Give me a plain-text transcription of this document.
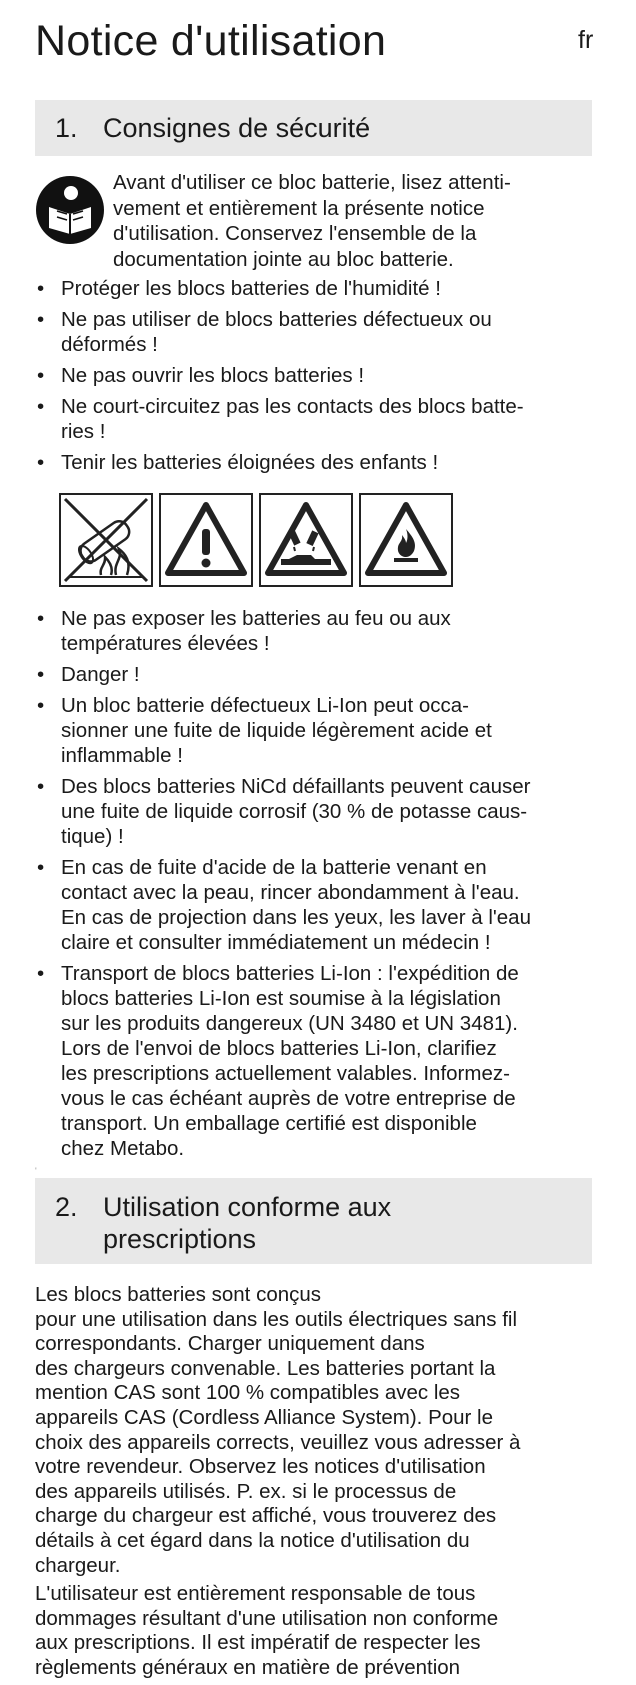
Notice d'utilisation	fr
1. Consignes de sécurité
Avant d'utiliser ce bloc batterie, lisez attenti-
vement et entièrement la présente notice
d'utilisation. Conservez l'ensemble de la
documentation jointe au bloc batterie.
• Protéger les blocs batteries de l'humidité !
• Ne pas utiliser de blocs batteries défectueux ou
déformés !
• Ne pas ouvrir les blocs batteries !
• Ne court-circuitez pas les contacts des blocs batte-
ries !
• Tenir les batteries éloignées des enfants !
• Ne pas exposer les batteries au feu ou aux
températures élevées !
• Danger !
• Un bloc batterie défectueux Li-Ion peut occa-
sionner une fuite de liquide légèrement acide et
inflammable !
• Des blocs batteries NiCd défaillants peuvent causer
une fuite de liquide corrosif (30 % de potasse caus-
tique) !
• En cas de fuite d'acide de la batterie venant en
contact avec la peau, rincer abondamment à l'eau.
En cas de projection dans les yeux, les laver à l'eau
claire et consulter immédiatement un médecin !
• Transport de blocs batteries Li-Ion : l'expédition de
blocs batteries Li-Ion est soumise à la législation
sur les produits dangereux (UN 3480 et UN 3481).
Lors de l'envoi de blocs batteries Li-Ion, clarifiez
les prescriptions actuellement valables. Informez-
vous le cas échéant auprès de votre entreprise de
transport. Un emballage certifié est disponible
chez Metabo.
'
2. Utilisation conforme aux
prescriptions

Les blocs batteries sont conçus
pour une utilisation dans les outils électriques sans fil
correspondants. Charger uniquement dans
des chargeurs convenable. Les batteries portant la
mention CAS sont 100 % compatibles avec les
appareils CAS (Cordless Alliance System). Pour le
choix des appareils corrects, veuillez vous adresser à
votre revendeur. Observez les notices d'utilisation
des appareils utilisés. P. ex. si le processus de
charge du chargeur est affiché, vous trouverez des
détails à cet égard dans la notice d'utilisation du
chargeur.

L'utilisateur est entièrement responsable de tous
dommages résultant d'une utilisation non conforme
aux prescriptions. Il est impératif de respecter les
règlements généraux en matière de prévention
